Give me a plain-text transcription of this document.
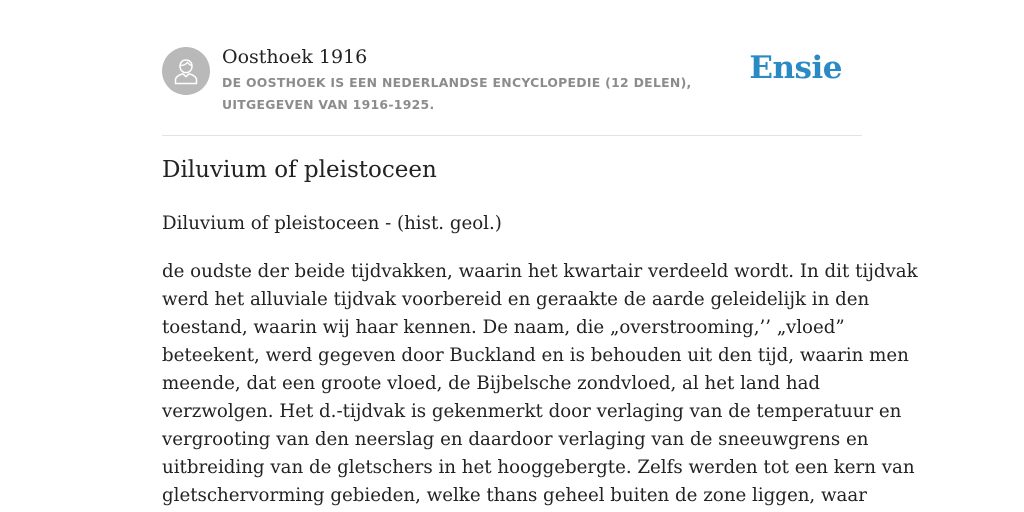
Oosthoek 1916
DE OOSTHOEK IS EEN NEDERLANDSE ENCYCLOPEDIE (12 DELEN), UITGEGEVEN VAN 1916-1925.
Ensie
Diluvium of pleistoceen
Diluvium of pleistoceen - (hist. geol.)
de oudste der beide tijdvakken, waarin het kwartair verdeeld wordt. In dit tijdvak
werd het alluviale tijdvak voorbereid en geraakte de aarde geleidelijk in den
toestand, waarin wij haar kennen. De naam, die „overstrooming,’’ „vloed”
beteekent, werd gegeven door Buckland en is behouden uit den tijd, waarin men
meende, dat een groote vloed, de Bijbelsche zondvloed, al het land had
verzwolgen. Het d.-tijdvak is gekenmerkt door verlaging van de temperatuur en
vergrooting van den neerslag en daardoor verlaging van de sneeuwgrens en
uitbreiding van de gletschers in het hooggebergte. Zelfs werden tot een kern van
gletschervorming gebieden, welke thans geheel buiten de zone liggen, waar
